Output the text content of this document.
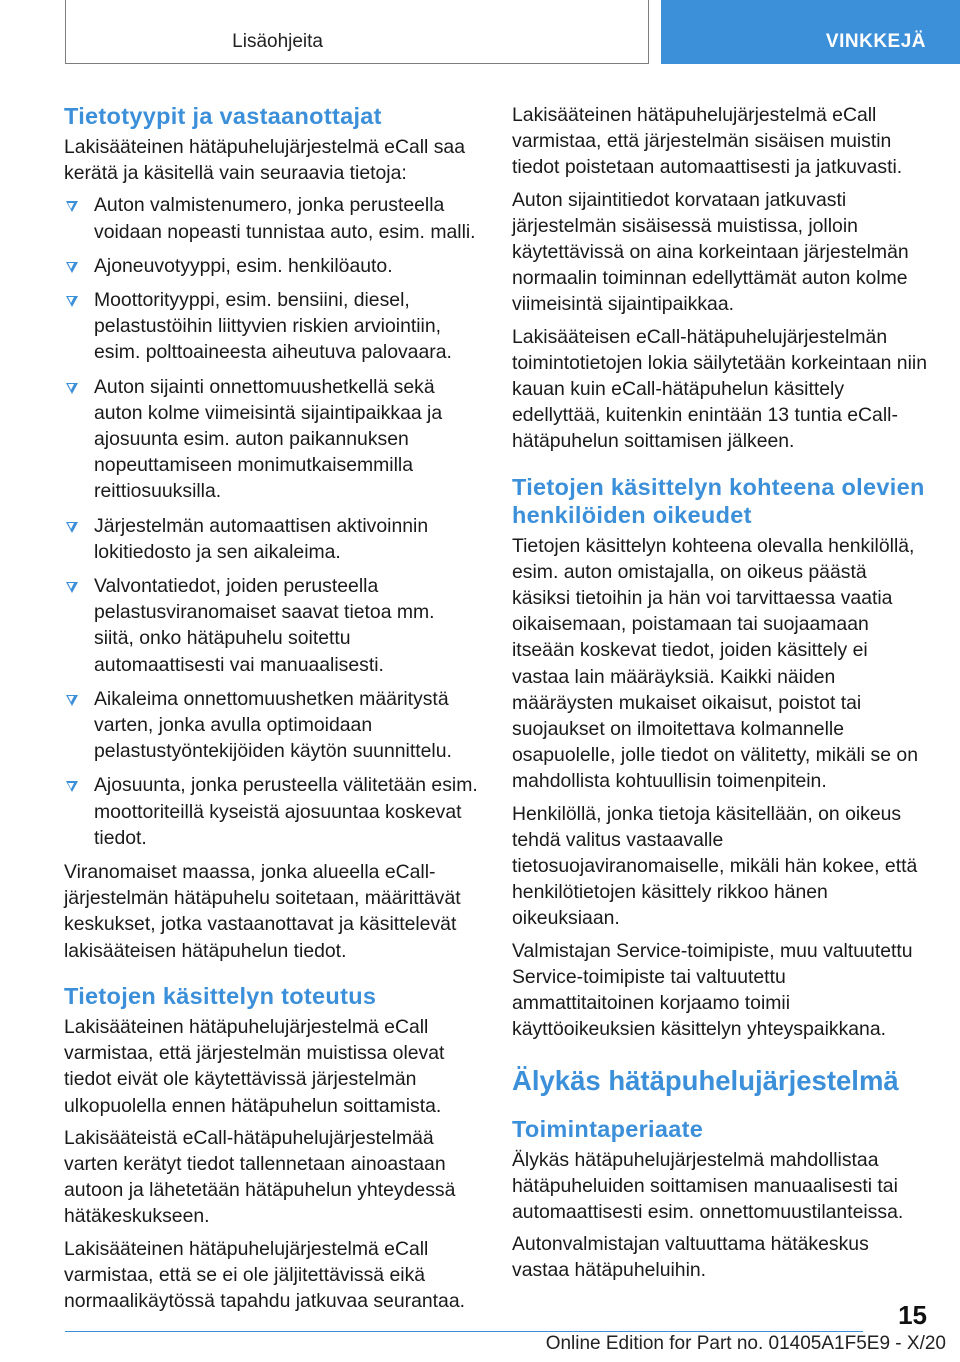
Lisäohjeita	VINKKEJÄ
Tietotyypit ja vastaanottajat

Lakisääteinen hätäpuhelujärjestelmä eCall saa kerätä ja käsitellä vain seuraavia tietoja:

Auton valmistenumero, jonka perusteella voidaan nopeasti tunnistaa auto, esim. malli.
Ajoneuvotyyppi, esim. henkilöauto.
Moottorityyppi, esim. bensiini, diesel, pelastustöihin liittyvien riskien arviointiin, esim. polttoaineesta aiheutuva palovaara.
Auton sijainti onnettomuushetkellä sekä auton kolme viimeisintä sijaintipaikkaa ja ajosuunta esim. auton paikannuksen nopeuttamiseen monimutkaisemmilla reittiosuuksilla.
Järjestelmän automaattisen aktivoinnin lokitiedosto ja sen aikaleima.
Valvontatiedot, joiden perusteella pelastusviranomaiset saavat tietoa mm. siitä, onko hätäpuhelu soitettu automaattisesti vai manuaalisesti.
Aikaleima onnettomuushetken määritystä varten, jonka avulla optimoidaan pelastustyöntekijöiden käytön suunnittelu.
Ajosuunta, jonka perusteella välitetään esim. moottoriteillä kyseistä ajosuuntaa koskevat tiedot.

Viranomaiset maassa, jonka alueella eCall-järjestelmän hätäpuhelu soitetaan, määrittävät keskukset, jotka vastaanottavat ja käsittelevät lakisääteisen hätäpuhelun tiedot.

Tietojen käsittelyn toteutus

Lakisääteinen hätäpuhelujärjestelmä eCall varmistaa, että järjestelmän muistissa olevat tiedot eivät ole käytettävissä järjestelmän ulkopuolella ennen hätäpuhelun soittamista.

Lakisääteistä eCall-hätäpuhelujärjestelmää varten kerätyt tiedot tallennetaan ainoastaan autoon ja lähetetään hätäpuhelun yhteydessä hätäkeskukseen.

Lakisääteinen hätäpuhelujärjestelmä eCall varmistaa, että se ei ole jäljitettävissä eikä normaalikäytössä tapahdu jatkuvaa seurantaa.

Lakisääteinen hätäpuhelujärjestelmä eCall varmistaa, että järjestelmän sisäisen muistin tiedot poistetaan automaattisesti ja jatkuvasti.

Auton sijaintitiedot korvataan jatkuvasti järjestelmän sisäisessä muistissa, jolloin käytettävissä on aina korkeintaan järjestelmän normaalin toiminnan edellyttämät auton kolme viimeisintä sijaintipaikkaa.

Lakisääteisen eCall-hätäpuhelujärjestelmän toimintotietojen lokia säilytetään korkeintaan niin kauan kuin eCall-hätäpuhelun käsittely edellyttää, kuitenkin enintään 13 tuntia eCall-hätäpuhelun soittamisen jälkeen.

Tietojen käsittelyn kohteena olevien henkilöiden oikeudet

Tietojen käsittelyn kohteena olevalla henkilöllä, esim. auton omistajalla, on oikeus päästä käsiksi tietoihin ja hän voi tarvittaessa vaatia oikaisemaan, poistamaan tai suojaamaan itseään koskevat tiedot, joiden käsittely ei vastaa lain määräyksiä. Kaikki näiden määräysten mukaiset oikaisut, poistot tai suojaukset on ilmoitettava kolmannelle osapuolelle, jolle tiedot on välitetty, mikäli se on mahdollista kohtuullisin toimenpitein.

Henkilöllä, jonka tietoja käsitellään, on oikeus tehdä valitus vastaavalle tietosuojaviranomaiselle, mikäli hän kokee, että henkilötietojen käsittely rikkoo hänen oikeuksiaan.

Valmistajan Service-toimipiste, muu valtuutettu Service-toimipiste tai valtuutettu ammattitaitoinen korjaamo toimii käyttöoikeuksien käsittelyn yhteyspaikkana.

Älykäs hätäpuhelujärjestelmä
Toimintaperiaate

Älykäs hätäpuhelujärjestelmä mahdollistaa hätäpuheluiden soittamisen manuaalisesti tai automaattisesti esim. onnettomuustilanteissa.

Autonvalmistajan valtuuttama hätäkeskus vastaa hätäpuheluihin.

15
Online Edition for Part no. 01405A1F5E9 - X/20
